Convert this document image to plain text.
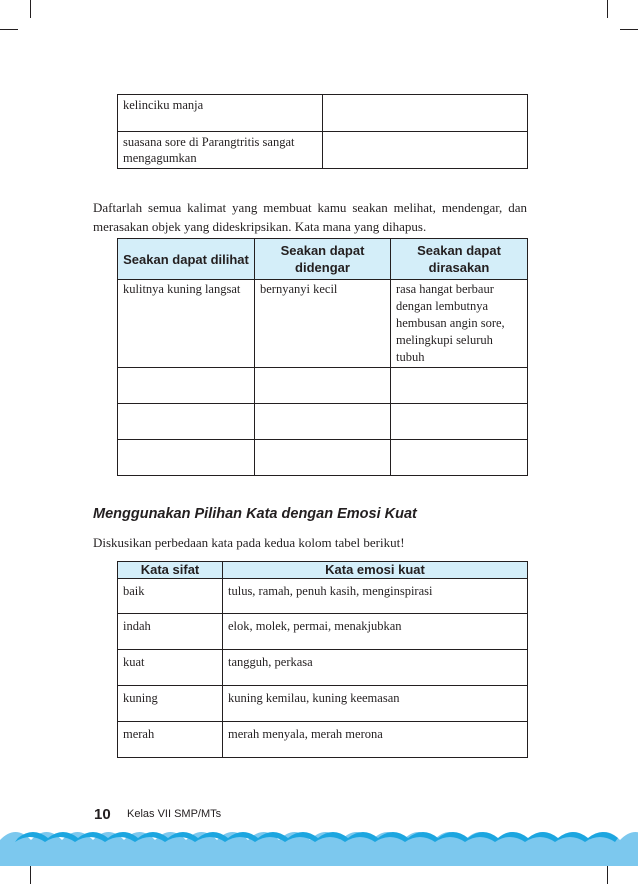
kelinciku manja	
suasana sore di Parangtritis sangat mengagumkan	

Daftarlah semua kalimat yang membuat kamu seakan melihat, mendengar, dan merasakan objek yang dideskripsikan. Kata mana yang dihapus.

Seakan dapat dilihat	Seakan dapat didengar	Seakan dapat dirasakan
kulitnya kuning langsat	bernyanyi kecil	rasa hangat berbaur dengan lembutnya hembusan angin sore, melingkupi seluruh tubuh

Menggunakan Pilihan Kata dengan Emosi Kuat

Diskusikan perbedaan kata pada kedua kolom tabel berikut!

Kata sifat	Kata emosi kuat
baik	tulus, ramah, penuh kasih, menginspirasi
indah	elok, molek, permai, menakjubkan
kuat	tangguh, perkasa
kuning	kuning kemilau, kuning keemasan
merah	merah menyala, merah merona
10 Kelas VII SMP/MTs
